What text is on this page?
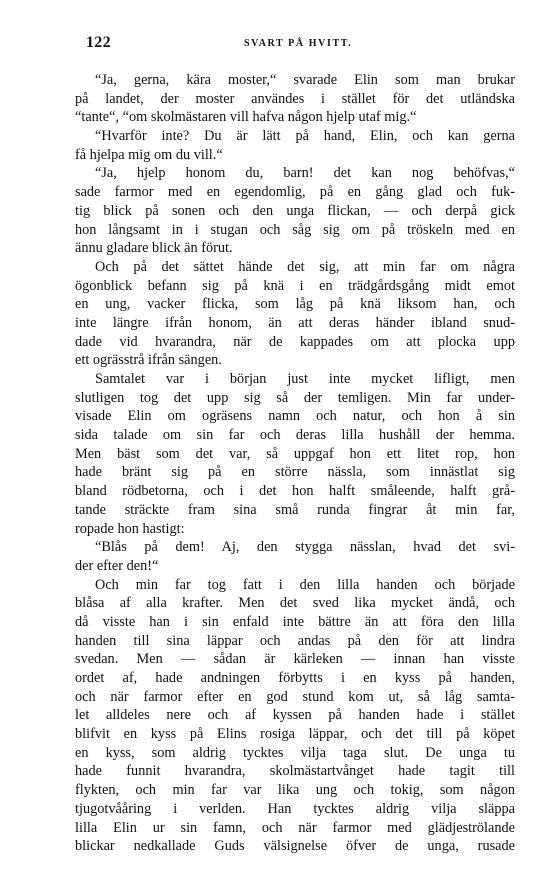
122	SVART PÅ HVITT.
“Ja, gerna, kära moster,“ svarade Elin som man brukar
på landet, der moster användes i stället för det utländska
“tante“, “om skolmästaren vill hafva någon hjelp utaf mig.“
“Hvarför inte? Du är lätt på hand, Elin, och kan gerna
få hjelpa mig om du vill.“
“Ja, hjelp honom du, barn! det kan nog behöfvas,“
sade farmor med en egendomlig, på en gång glad och fuk-
tig blick på sonen och den unga flickan, — och derpå gick
hon långsamt in i stugan och såg sig om på tröskeln med en
ännu gladare blick än förut.
Och på det sättet hände det sig, att min far om några
ögonblick befann sig på knä i en trädgårdsgång midt emot
en ung, vacker flicka, som låg på knä liksom han, och
inte längre ifrån honom, än att deras händer ibland snud-
dade vid hvarandra, när de kappades om att plocka upp
ett ogrässtrå ifrån sängen.
Samtalet var i början just inte mycket lifligt, men
slutligen tog det upp sig så der temligen. Min far under-
visade Elin om ogräsens namn och natur, och hon å sin
sida talade om sin far och deras lilla hushåll der hemma.
Men bäst som det var, så uppgaf hon ett litet rop, hon
hade bränt sig på en större nässla, som innästlat sig
bland rödbetorna, och i det hon halft småleende, halft grå-
tande sträckte fram sina små runda fingrar åt min far,
ropade hon hastigt:
“Blås på dem! Aj, den stygga nässlan, hvad det svi-
der efter den!“
Och min far tog fatt i den lilla handen och började
blåsa af alla krafter. Men det sved lika mycket ändå, och
då visste han i sin enfald inte bättre än att föra den lilla
handen till sina läppar och andas på den för att lindra
svedan. Men — sådan är kärleken — innan han visste
ordet af, hade andningen förbytts i en kyss på handen,
och när farmor efter en god stund kom ut, så låg samta-
let alldeles nere och af kyssen på handen hade i stället
blifvit en kyss på Elins rosiga läppar, och det till på köpet
en kyss, som aldrig tycktes vilja taga slut. De unga tu
hade funnit hvarandra, skolmästartvånget hade tagit till
flykten, och min far var lika ung och tokig, som någon
tjugotvååring i verlden. Han tycktes aldrig vilja släppa
lilla Elin ur sin famn, och när farmor med glädjeströlande
blickar nedkallade Guds välsignelse öfver de unga, rusade
